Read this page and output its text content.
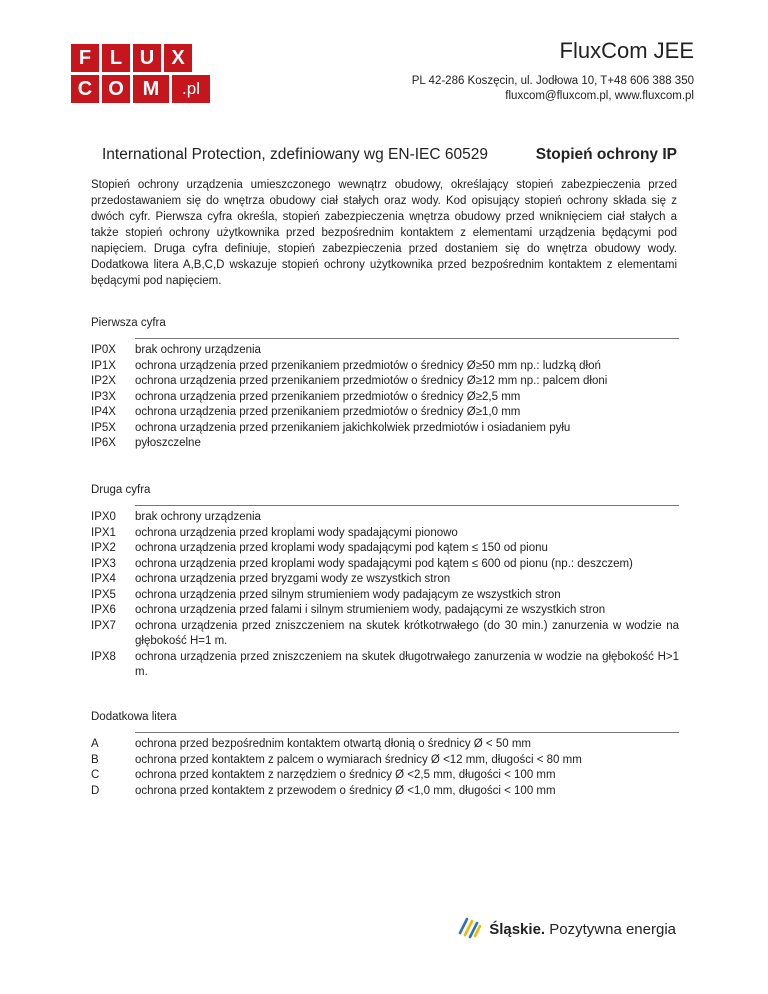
F L U X
C O M	.pl
FluxCom JEE
PL 42-286 Koszęcin, ul. Jodłowa 10, T+48 606 388 350
fluxcom@fluxcom.pl, www.fluxcom.pl
International Protection, zdefiniowany wg EN-IEC 60529	Stopień ochrony IP

Stopień ochrony urządzenia umieszczonego wewnątrz obudowy, określający stopień zabezpieczenia przed przedostawaniem się do wnętrza obudowy ciał stałych oraz wody. Kod opisujący stopień ochrony składa się z dwóch cyfr. Pierwsza cyfra określa, stopień zabezpieczenia wnętrza obudowy przed wniknięciem ciał stałych a także stopień ochrony użytkownika przed bezpośrednim kontaktem z elementami urządzenia będącymi pod napięciem. Druga cyfra definiuje, stopień zabezpieczenia przed dostaniem się do wnętrza obudowy wody. Dodatkowa litera A,B,C,D wskazuje stopień ochrony użytkownika przed bezpośrednim kontaktem z elementami będącymi pod napięciem.

Pierwsza cyfra
IP0X	brak ochrony urządzenia
IP1X	ochrona urządzenia przed przenikaniem przedmiotów o średnicy Ø≥50 mm np.: ludzką dłoń
IP2X	ochrona urządzenia przed przenikaniem przedmiotów o średnicy Ø≥12 mm np.: palcem dłoni
IP3X	ochrona urządzenia przed przenikaniem przedmiotów o średnicy Ø≥2,5 mm
IP4X	ochrona urządzenia przed przenikaniem przedmiotów o średnicy Ø≥1,0 mm
IP5X	ochrona urządzenia przed przenikaniem jakichkolwiek przedmiotów i osiadaniem pyłu
IP6X	pyłoszczelne
Druga cyfra
IPX0	brak ochrony urządzenia
IPX1	ochrona urządzenia przed kroplami wody spadającymi pionowo
IPX2	ochrona urządzenia przed kroplami wody spadającymi pod kątem ≤ 150 od pionu
IPX3	ochrona urządzenia przed kroplami wody spadającymi pod kątem ≤ 600 od pionu (np.: deszczem)
IPX4	ochrona urządzenia przed bryzgami wody ze wszystkich stron
IPX5	ochrona urządzenia przed silnym strumieniem wody padającym ze wszystkich stron
IPX6	ochrona urządzenia przed falami i silnym strumieniem wody, padającymi ze wszystkich stron
IPX7	ochrona urządzenia przed zniszczeniem na skutek krótkotrwałego (do 30 min.) zanurzenia w wodzie na głębokość H=1 m.
IPX8	ochrona urządzenia przed zniszczeniem na skutek długotrwałego zanurzenia w wodzie na głębokość H>1 m.
Dodatkowa litera
A	ochrona przed bezpośrednim kontaktem otwartą dłonią o średnicy Ø < 50 mm
B	ochrona przed kontaktem z palcem o wymiarach średnicy Ø <12 mm, długości < 80 mm
C	ochrona przed kontaktem z narzędziem o średnicy Ø <2,5 mm, długości < 100 mm
D	ochrona przed kontaktem z przewodem o średnicy Ø <1,0 mm, długości < 100 mm
Śląskie. Pozytywna energia
